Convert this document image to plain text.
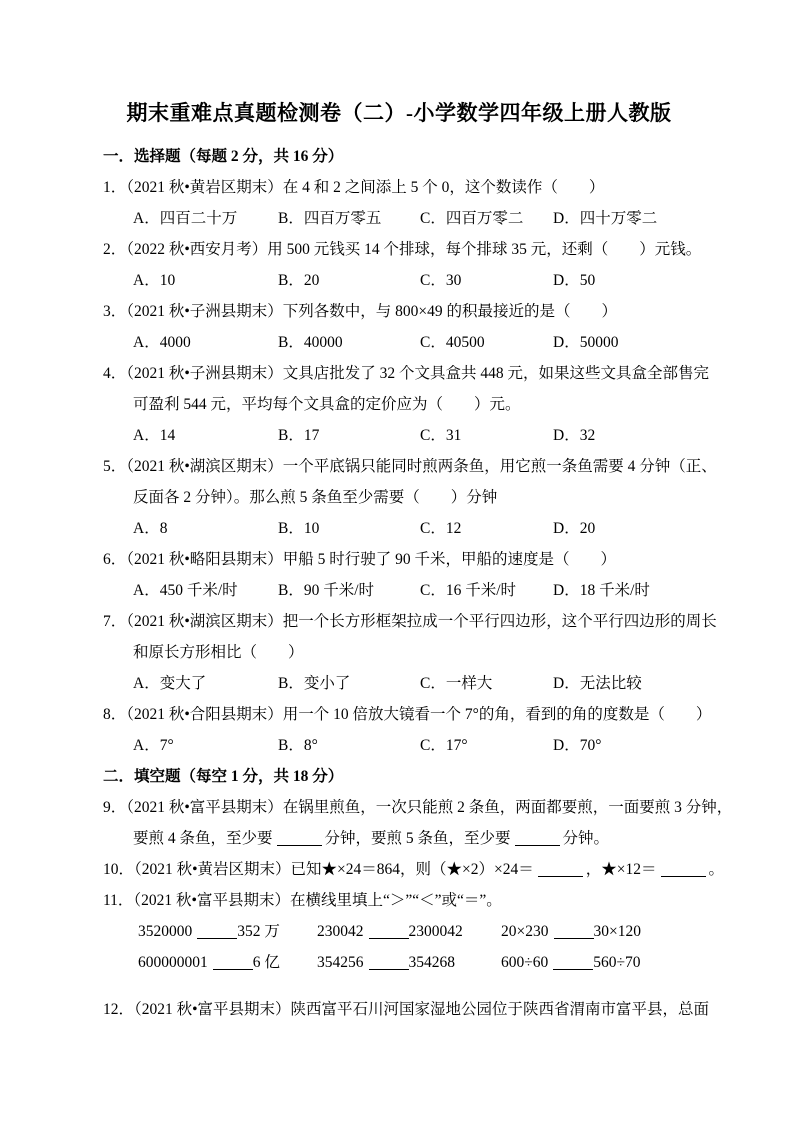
期末重难点真题检测卷（二）-小学数学四年级上册人教版

一．选择题（每题 2 分，共 16 分）

1．（2021 秋•黄岩区期末）在 4 和 2 之间添上 5 个 0，这个数读作（　　）

A．四百二十万	B．四百万零五	C．四百万零二	D．四十万零二

2．（2022 秋•西安月考）用 500 元钱买 14 个排球，每个排球 35 元，还剩（　　）元钱。

A．10	B．20	C．30	D．50

3．（2021 秋•子洲县期末）下列各数中，与 800×49 的积最接近的是（　　）

A．4000	B．40000	C．40500	D．50000

4．（2021 秋•子洲县期末）文具店批发了 32 个文具盒共 448 元，如果这些文具盒全部售完

可盈利 544 元，平均每个文具盒的定价应为（　　）元。

A．14	B．17	C．31	D．32

5．（2021 秋•湖滨区期末）一个平底锅只能同时煎两条鱼，用它煎一条鱼需要 4 分钟（正、

反面各 2 分钟）。那么煎 5 条鱼至少需要（　　）分钟

A．8	B．10	C．12	D．20

6．（2021 秋•略阳县期末）甲船 5 时行驶了 90 千米，甲船的速度是（　　）

A．450 千米/时	B．90 千米/时	C．16 千米/时	D．18 千米/时

7．（2021 秋•湖滨区期末）把一个长方形框架拉成一个平行四边形，这个平行四边形的周长

和原长方形相比（　　）

A．变大了	B．变小了	C．一样大	D．无法比较

8．（2021 秋•合阳县期末）用一个 10 倍放大镜看一个 7°的角，看到的角的度数是（　　）

A．7°	B．8°	C．17°	D．70°

二．填空题（每空 1 分，共 18 分）

9．（2021 秋•富平县期末）在锅里煎鱼，一次只能煎 2 条鱼，两面都要煎，一面要煎 3 分钟，

要煎 4 条鱼，至少要	分钟，要煎 5 条鱼，至少要	分钟。

10．（2021 秋•黄岩区期末）已知★×24＝864，则（★×2）×24＝	，★×12＝	。

11．（2021 秋•富平县期末）在横线里填上“＞”“＜”或“＝”。

3520000	352 万	230042	2300042	20×230	30×120
600000001	6 亿	354256	354268	600÷60	560÷70

12．（2021 秋•富平县期末）陕西富平石川河国家湿地公园位于陕西省渭南市富平县，总面
